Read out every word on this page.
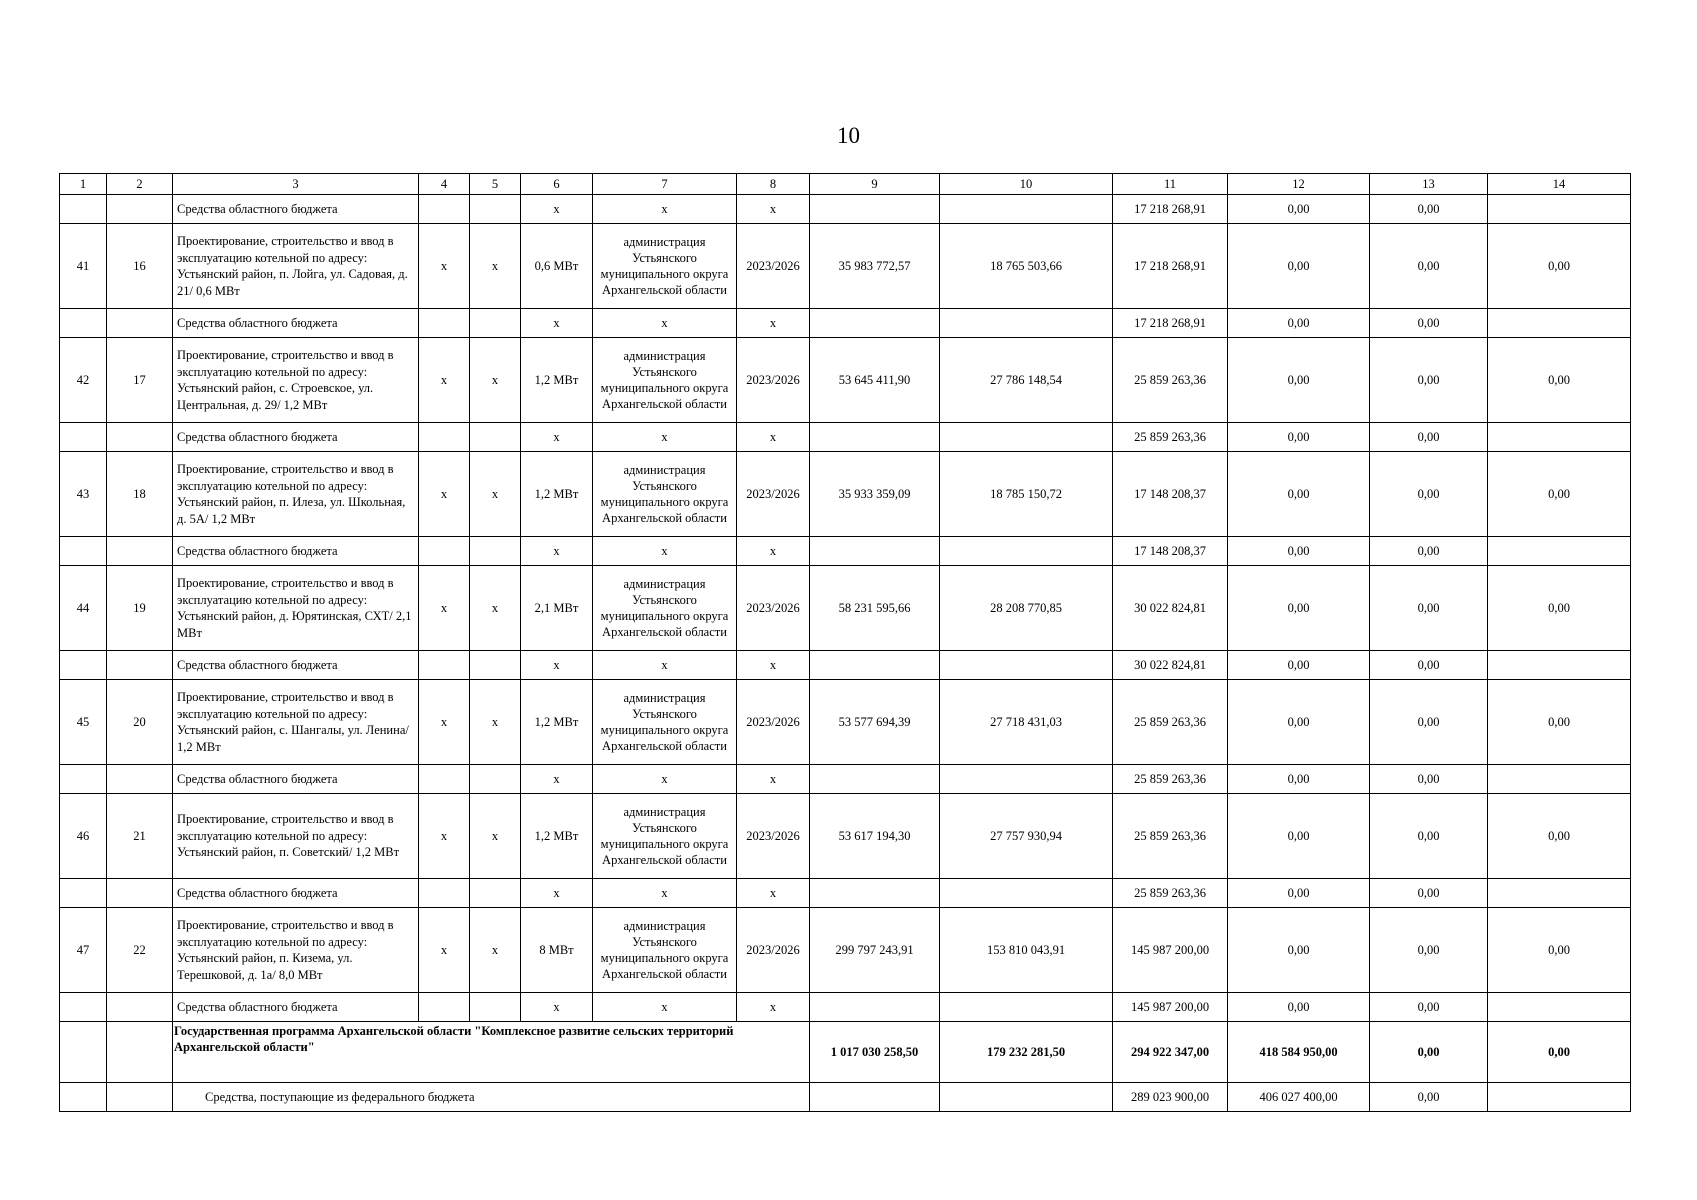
10
1	2	3	4	5	6	7	8	9	10	11	12	13	14
		Средства областного бюджета			х	х	х			17 218 268,91	0,00	0,00	
41	16	Проектирование, строительство и ввод в эксплуатацию котельной по адресу: Устьянский район, п. Лойга, ул. Садовая, д. 21/ 0,6 МВт	х	х	0,6 МВт	администрация Устьянского муниципального округа Архангельской области	2023/2026	35 983 772,57	18 765 503,66	17 218 268,91	0,00	0,00	0,00
		Средства областного бюджета			х	х	х			17 218 268,91	0,00	0,00	
42	17	Проектирование, строительство и ввод в эксплуатацию котельной по адресу: Устьянский район, с. Строевское, ул. Центральная, д. 29/ 1,2 МВт	х	х	1,2 МВт	администрация Устьянского муниципального округа Архангельской области	2023/2026	53 645 411,90	27 786 148,54	25 859 263,36	0,00	0,00	0,00
		Средства областного бюджета			х	х	х			25 859 263,36	0,00	0,00	
43	18	Проектирование, строительство и ввод в эксплуатацию котельной по адресу: Устьянский район, п. Илеза, ул. Школьная, д. 5А/ 1,2 МВт	х	х	1,2 МВт	администрация Устьянского муниципального округа Архангельской области	2023/2026	35 933 359,09	18 785 150,72	17 148 208,37	0,00	0,00	0,00
		Средства областного бюджета			х	х	х			17 148 208,37	0,00	0,00	
44	19	Проектирование, строительство и ввод в эксплуатацию котельной по адресу: Устьянский район, д. Юрятинская, СХТ/ 2,1 МВт	х	х	2,1 МВт	администрация Устьянского муниципального округа Архангельской области	2023/2026	58 231 595,66	28 208 770,85	30 022 824,81	0,00	0,00	0,00
		Средства областного бюджета			х	х	х			30 022 824,81	0,00	0,00	
45	20	Проектирование, строительство и ввод в эксплуатацию котельной по адресу: Устьянский район, с. Шангалы, ул. Ленина/ 1,2 МВт	х	х	1,2 МВт	администрация Устьянского муниципального округа Архангельской области	2023/2026	53 577 694,39	27 718 431,03	25 859 263,36	0,00	0,00	0,00
		Средства областного бюджета			х	х	х			25 859 263,36	0,00	0,00	
46	21	Проектирование, строительство и ввод в эксплуатацию котельной по адресу: Устьянский район, п. Советский/ 1,2 МВт	х	х	1,2 МВт	администрация Устьянского муниципального округа Архангельской области	2023/2026	53 617 194,30	27 757 930,94	25 859 263,36	0,00	0,00	0,00
		Средства областного бюджета			х	х	х			25 859 263,36	0,00	0,00	
47	22	Проектирование, строительство и ввод в эксплуатацию котельной по адресу: Устьянский район, п. Кизема, ул. Терешковой, д. 1а/ 8,0 МВт	х	х	8 МВт	администрация Устьянского муниципального округа Архангельской области	2023/2026	299 797 243,91	153 810 043,91	145 987 200,00	0,00	0,00	0,00
		Средства областного бюджета			х	х	х			145 987 200,00	0,00	0,00	
		Государственная программа Архангельской области "Комплексное развитие сельских территорий Архангельской области"						1 017 030 258,50	179 232 281,50	294 922 347,00	418 584 950,00	0,00	0,00
		Средства, поступающие из федерального бюджета								289 023 900,00	406 027 400,00	0,00	
